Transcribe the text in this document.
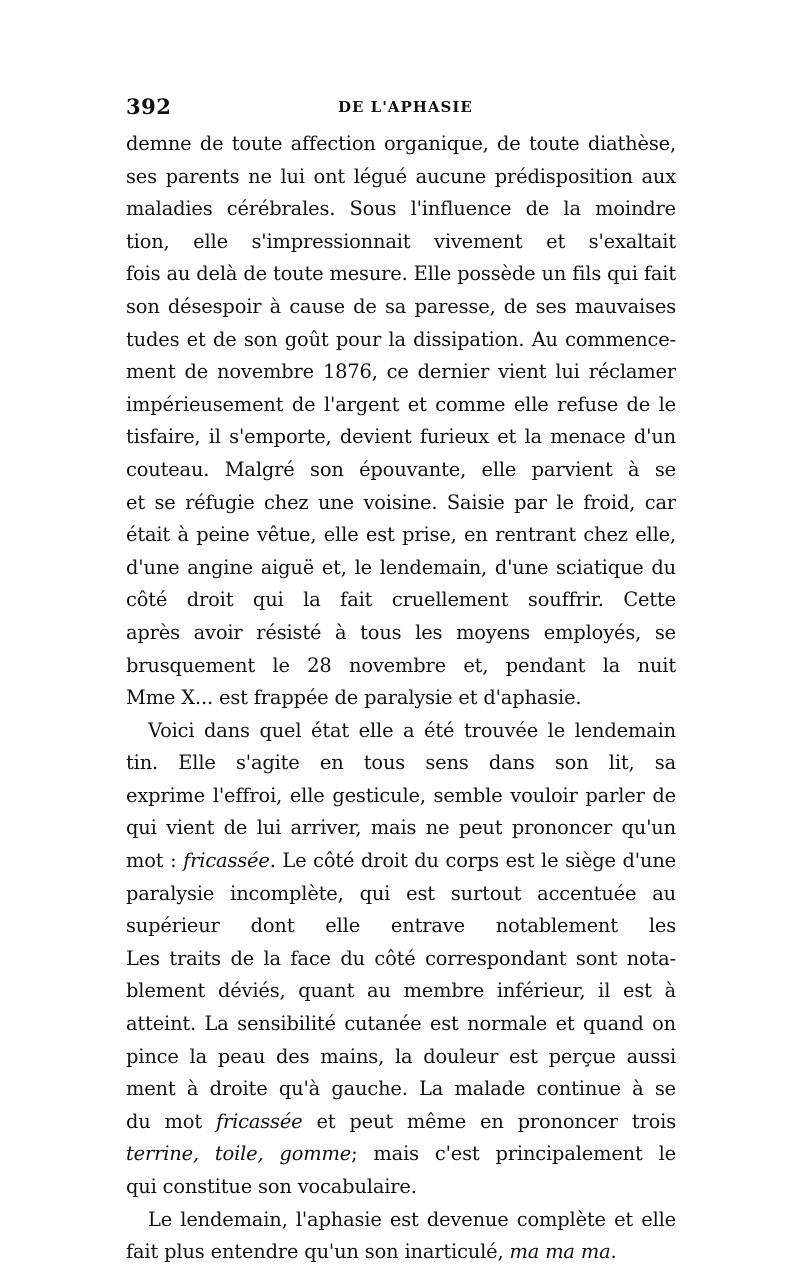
392	DE L'APHASIE
demne de toute affection organique, de toute diathèse,
ses parents ne lui ont légué aucune prédisposition aux
maladies cérébrales. Sous l'influence de la moindre
tion, elle s'impressionnait vivement et s'exaltait
fois au delà de toute mesure. Elle possède un fils qui fait
son désespoir à cause de sa paresse, de ses mauvaises
tudes et de son goût pour la dissipation. Au commence-
ment de novembre 1876, ce dernier vient lui réclamer
impérieusement de l'argent et comme elle refuse de le
tisfaire, il s'emporte, devient furieux et la menace d'un
couteau. Malgré son épouvante, elle parvient à se
et se réfugie chez une voisine. Saisie par le froid, car
était à peine vêtue, elle est prise, en rentrant chez elle,
d'une angine aiguë et, le lendemain, d'une sciatique du
côté droit qui la fait cruellement souffrir. Cette
après avoir résisté à tous les moyens employés, se
brusquement le 28 novembre et, pendant la nuit
Mme X... est frappée de paralysie et d'aphasie.
Voici dans quel état elle a été trouvée le lendemain
tin. Elle s'agite en tous sens dans son lit, sa
exprime l'effroi, elle gesticule, semble vouloir parler de
qui vient de lui arriver, mais ne peut prononcer qu'un
mot : fricassée. Le côté droit du corps est le siège d'une
paralysie incomplète, qui est surtout accentuée au
supérieur dont elle entrave notablement les
Les traits de la face du côté correspondant sont nota-
blement déviés, quant au membre inférieur, il est à
atteint. La sensibilité cutanée est normale et quand on
pince la peau des mains, la douleur est perçue aussi
ment à droite qu'à gauche. La malade continue à se
du mot fricassée et peut même en prononcer trois
terrine, toile, gomme; mais c'est principalement le
qui constitue son vocabulaire.
Le lendemain, l'aphasie est devenue complète et elle
fait plus entendre qu'un son inarticulé, ma ma ma.
